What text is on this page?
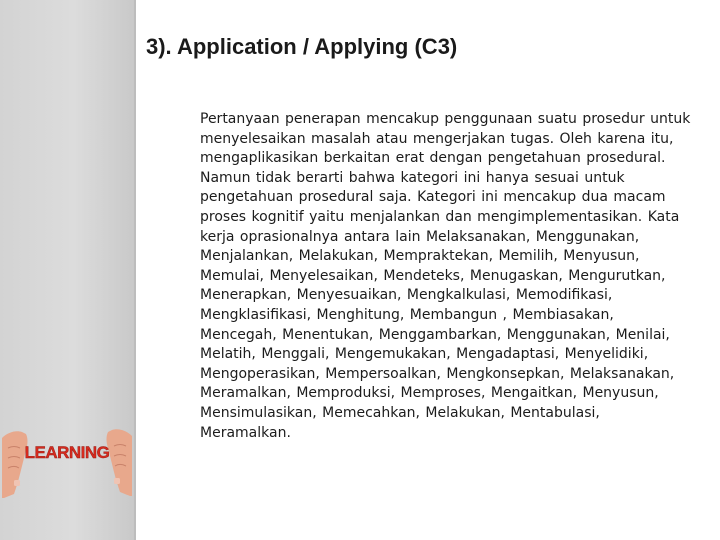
3). Application / Applying (C3)

Pertanyaan penerapan mencakup penggunaan suatu prosedur untuk menyelesaikan masalah atau mengerjakan tugas. Oleh karena itu, mengaplikasikan berkaitan erat dengan pengetahuan prosedural. Namun tidak berarti bahwa kategori ini hanya sesuai untuk pengetahuan prosedural saja. Kategori ini mencakup dua macam proses kognitif yaitu menjalankan dan mengimplementasikan. Kata kerja oprasionalnya antara lain Melaksanakan, Menggunakan, Menjalankan, Melakukan, Mempraktekan, Memilih, Menyusun, Memulai, Menyelesaikan, Mendeteks, Menugaskan, Mengurutkan, Menerapkan, Menyesuaikan, Mengkalkulasi, Memodifikasi, Mengklasifikasi, Menghitung, Membangun , Membiasakan, Mencegah, Menentukan, Menggambarkan, Menggunakan, Menilai, Melatih, Menggali, Mengemukakan, Mengadaptasi, Menyelidiki, Mengoperasikan, Mempersoalkan, Mengkonsepkan, Melaksanakan, Meramalkan, Memproduksi, Memproses, Mengaitkan, Menyusun, Mensimulasikan, Memecahkan, Melakukan, Mentabulasi, Meramalkan.

LEARNING
